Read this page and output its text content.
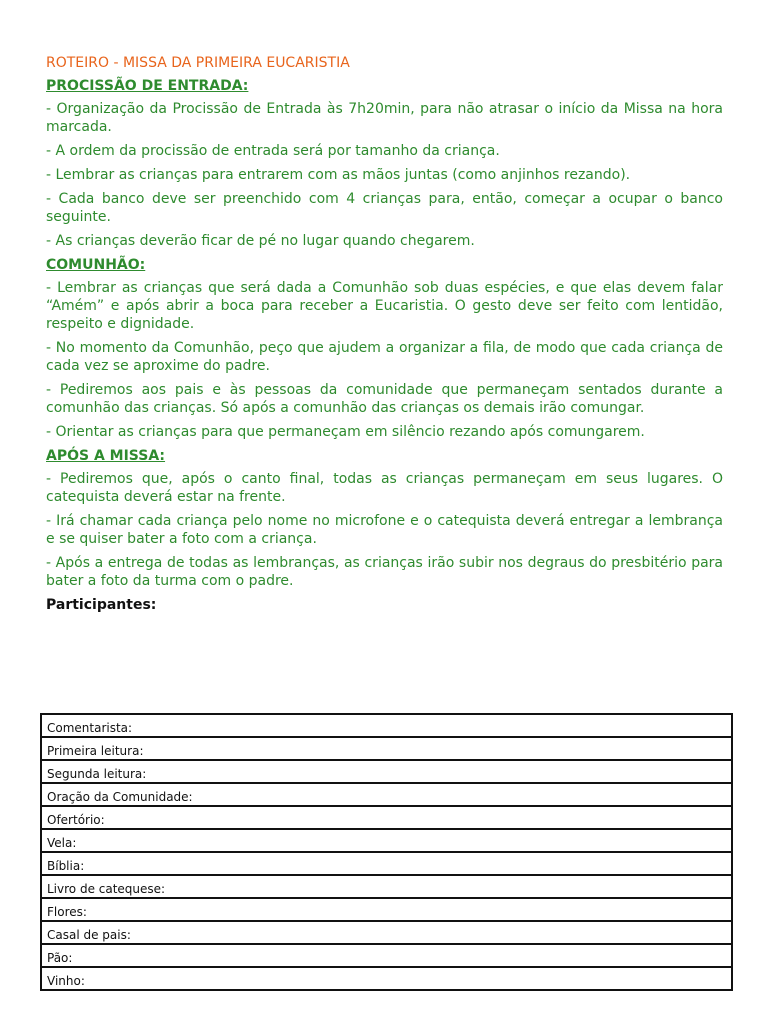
ROTEIRO - MISSA DA PRIMEIRA EUCARISTIA
PROCISSÃO DE ENTRADA:

- Organização da Procissão de Entrada às 7h20min, para não atrasar o início da Missa na hora marcada.

- A ordem da procissão de entrada será por tamanho da criança.

- Lembrar as crianças para entrarem com as mãos juntas (como anjinhos rezando).

- Cada banco deve ser preenchido com 4 crianças para, então, começar a ocupar o banco seguinte.

- As crianças deverão ficar de pé no lugar quando chegarem.

COMUNHÃO:

- Lembrar as crianças que será dada a Comunhão sob duas espécies, e que elas devem falar “Amém” e após abrir a boca para receber a Eucaristia. O gesto deve ser feito com lentidão, respeito e dignidade.

- No momento da Comunhão, peço que ajudem a organizar a fila, de modo que cada criança de cada vez se aproxime do padre.

- Pediremos aos pais e às pessoas da comunidade que permaneçam sentados durante a comunhão das crianças. Só após a comunhão das crianças os demais irão comungar.

- Orientar as crianças para que permaneçam em silêncio rezando após comungarem.

APÓS A MISSA:

- Pediremos que, após o canto final, todas as crianças permaneçam em seus lugares. O catequista deverá estar na frente.

- Irá chamar cada criança pelo nome no microfone e o catequista deverá entregar a lembrança e se quiser bater a foto com a criança.

- Após a entrega de todas as lembranças, as crianças irão subir nos degraus do presbitério para bater a foto da turma com o padre.

Participantes:
Comentarista:
Primeira leitura:
Segunda leitura:
Oração da Comunidade:
Ofertório:
Vela:
Bíblia:
Livro de catequese:
Flores:
Casal de pais:
Pão:
Vinho:
